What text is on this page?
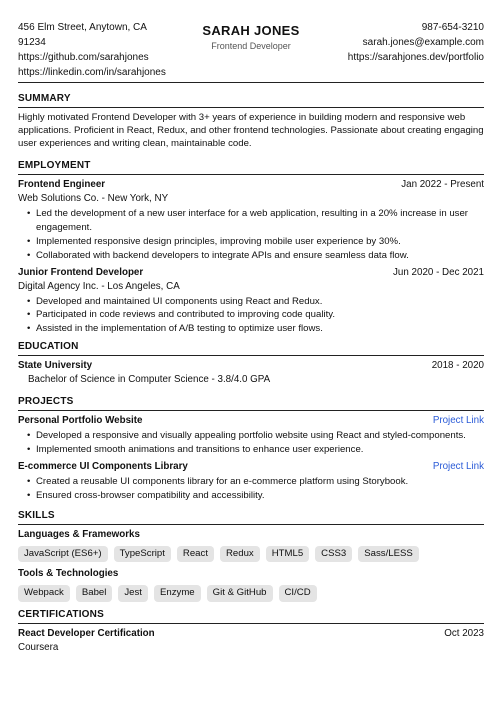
456 Elm Street, Anytown, CA
91234
https://github.com/sarahjones
https://linkedin.com/in/sarahjones
SARAH JONES
Frontend Developer
987-654-3210
sarah.jones@example.com
https://sarahjones.dev/portfolio
SUMMARY
Highly motivated Frontend Developer with 3+ years of experience in building modern and responsive web applications. Proficient in React, Redux, and other frontend technologies. Passionate about creating engaging user experiences and writing clean, maintainable code.
EMPLOYMENT
Frontend Engineer	Jan 2022 - Present
Web Solutions Co. - New York, NY
• Led the development of a new user interface for a web application, resulting in a 20% increase in user engagement.
• Implemented responsive design principles, improving mobile user experience by 30%.
• Collaborated with backend developers to integrate APIs and ensure seamless data flow.
Junior Frontend Developer	Jun 2020 - Dec 2021
Digital Agency Inc. - Los Angeles, CA
• Developed and maintained UI components using React and Redux.
• Participated in code reviews and contributed to improving code quality.
• Assisted in the implementation of A/B testing to optimize user flows.
EDUCATION
State University	2018 - 2020
Bachelor of Science in Computer Science - 3.8/4.0 GPA
PROJECTS
Personal Portfolio Website	Project Link
• Developed a responsive and visually appealing portfolio website using React and styled-components.
• Implemented smooth animations and transitions to enhance user experience.
E-commerce UI Components Library	Project Link
• Created a reusable UI components library for an e-commerce platform using Storybook.
• Ensured cross-browser compatibility and accessibility.
SKILLS
Languages & Frameworks
JavaScript (ES6+)	TypeScript	React	Redux	HTML5	CSS3	Sass/LESS
Tools & Technologies
Webpack	Babel	Jest	Enzyme	Git & GitHub	CI/CD
CERTIFICATIONS
React Developer Certification	Oct 2023
Coursera
